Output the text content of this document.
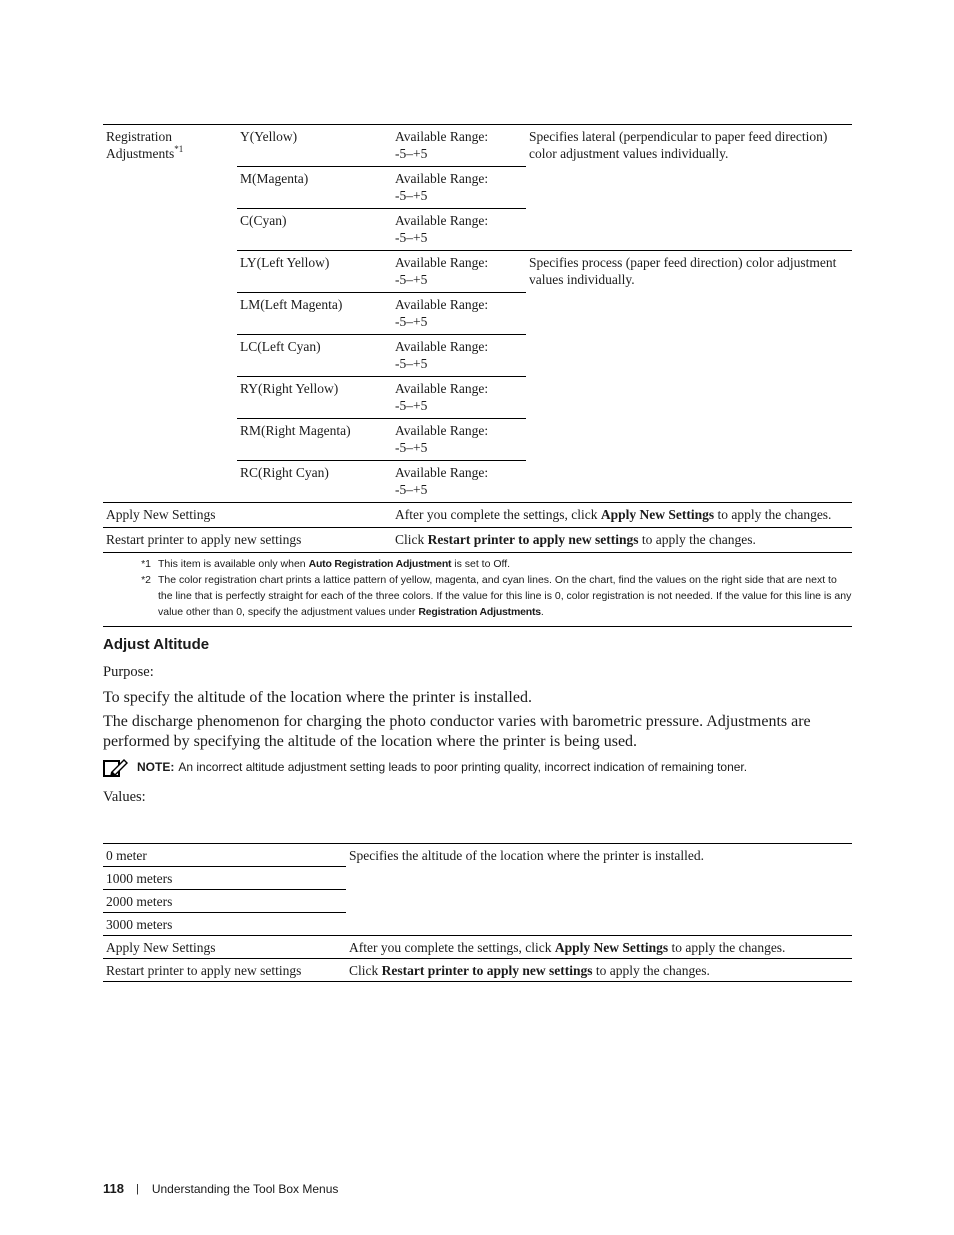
Registration
Adjustments$^{*1}$	Y(Yellow)	Available Range:
-5–+5	Specifies lateral (perpendicular to paper feed direction) color adjustment values individually.
	M(Magenta)	Available Range:
-5–+5	
	C(Cyan)	Available Range:
-5–+5	
	LY(Left Yellow)	Available Range:
-5–+5	Specifies process (paper feed direction) color adjustment values individually.
	LM(Left Magenta)	Available Range:
-5–+5	
	LC(Left Cyan)	Available Range:
-5–+5	
	RY(Right Yellow)	Available Range:
-5–+5	
	RM(Right Magenta)	Available Range:
-5–+5	
	RC(Right Cyan)	Available Range:
-5–+5	
Apply New Settings		After you complete the settings, click Apply New Settings to apply the changes.	
Restart printer to apply new settings		Click Restart printer to apply new settings to apply the changes.	
*1 This item is available only when Auto Registration Adjustment is set to Off.
*2 The color registration chart prints a lattice pattern of yellow, magenta, and cyan lines. On the chart, find the values on the right side that are next to the line that is perfectly straight for each of the three colors. If the value for this line is 0, color registration is not needed. If the value for this line is any value other than 0, specify the adjustment values under Registration Adjustments.
Adjust Altitude
Purpose:

To specify the altitude of the location where the printer is installed.

The discharge phenomenon for charging the photo conductor varies with barometric pressure. Adjustments are performed by specifying the altitude of the location where the printer is being used.

NOTE: An incorrect altitude adjustment setting leads to poor printing quality, incorrect indication of remaining toner.
Values:
0 meter	Specifies the altitude of the location where the printer is installed.
1000 meters	
2000 meters	
3000 meters	
Apply New Settings	After you complete the settings, click Apply New Settings to apply the changes.
Restart printer to apply new settings	Click Restart printer to apply new settings to apply the changes.
118 | Understanding the Tool Box Menus
